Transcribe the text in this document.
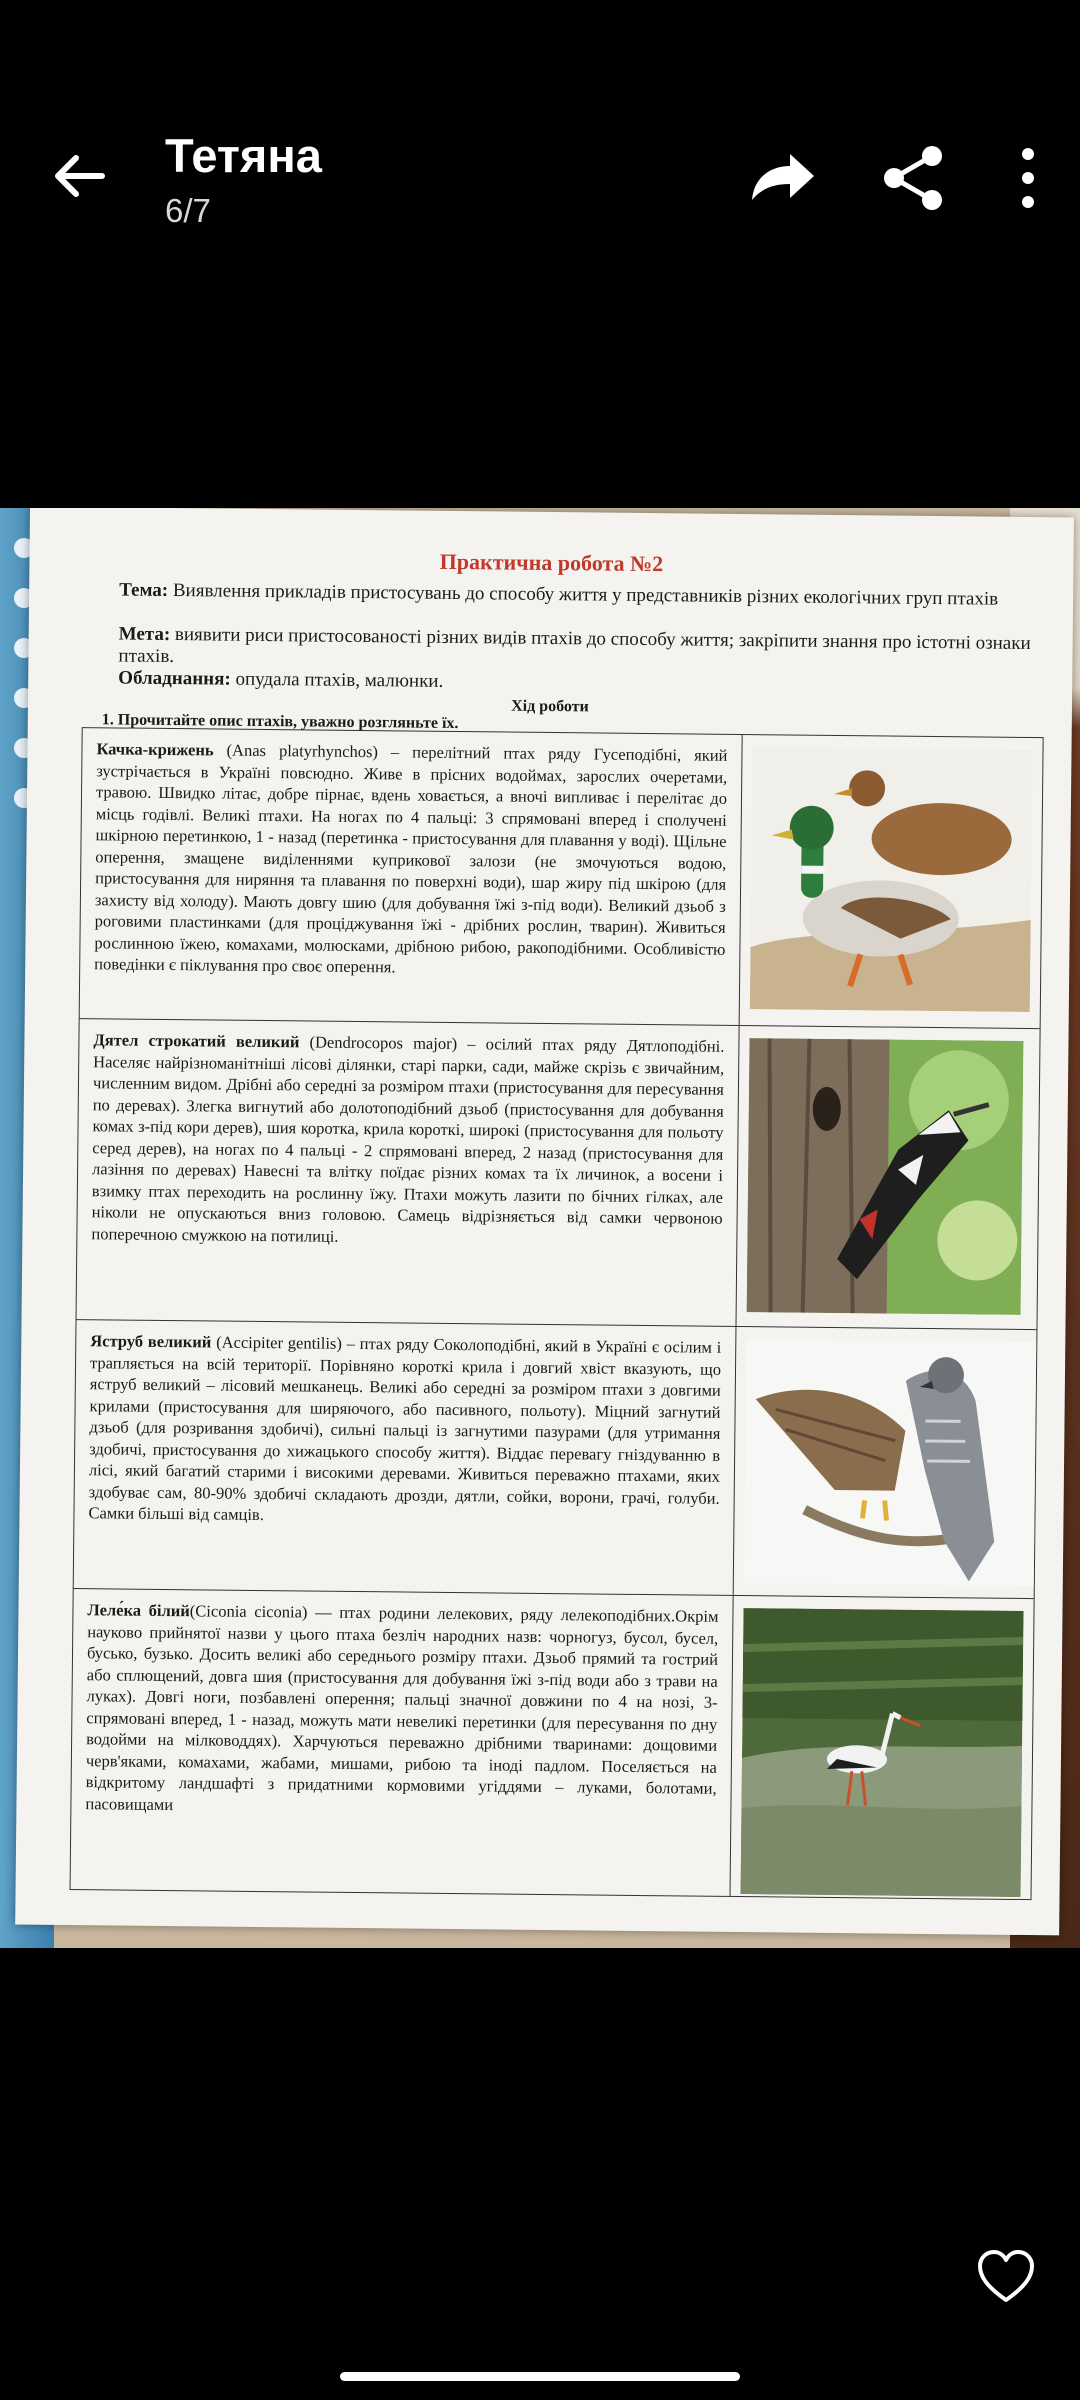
Тетяна
6/7
Практична робота №2
Тема: Виявлення прикладів пристосувань до способу життя у представників різних екологічних груп птахів
Мета: виявити риси пристосованості різних видів птахів до способу життя; закріпити знання про істотні ознаки птахів.
Обладнання: опудала птахів, малюнки.
Хід роботи
1. Прочитайте опис птахів, уважно розгляньте їх.
Качка-крижень (Anas platyrhynchos) – перелітний птах ряду Гусеподібні, який зустрічається в Україні повсюдно. Живе в прісних водоймах, зарослих очеретами, травою. Швидко літає, добре пірнає, вдень ховається, а вночі випливає і перелітає до місць годівлі. Великі птахи. На ногах по 4 пальці: 3 спрямовані вперед і сполучені шкірною перетинкою, 1 - назад (перетинка - пристосування для плавання у воді). Щільне оперення, змащене виділеннями куприкової залози (не змочуються водою, пристосування для ниряння та плавання по поверхні води), шар жиру під шкірою (для захисту від холоду). Мають довгу шию (для добування їжі з-під води). Великий дзьоб з роговими пластинками (для проціджування їжі - дрібних рослин, тварин). Живиться рослинною їжею, комахами, молюсками, дрібною рибою, ракоподібними. Особливістю поведінки є піклування про своє оперення.
Дятел строкатий великий (Dendrocopos major) – осілий птах ряду Дятлоподібні. Населяє найрізноманітніші лісові ділянки, старі парки, сади, майже скрізь є звичайним, численним видом. Дрібні або середні за розміром птахи (пристосування для пересування по деревах). Злегка вигнутий або долотоподібний дзьоб (пристосування для добування комах з-під кори дерев), шия коротка, крила короткі, широкі (пристосування для польоту серед дерев), на ногах по 4 пальці - 2 спрямовані вперед, 2 назад (пристосування для лазіння по деревах) Навесні та влітку поїдає різних комах та їх личинок, а восени і взимку птах переходить на рослинну їжу. Птахи можуть лазити по бічних гілках, але ніколи не опускаються вниз головою. Самець відрізняється від самки червоною поперечною смужкою на потилиці.
Яструб великий (Accipiter gentilis) – птах ряду Соколоподібні, який в Україні є осілим і трапляється на всій території. Порівняно короткі крила і довгий хвіст вказують, що яструб великий – лісовий мешканець. Великі або середні за розміром птахи з довгими крилами (пристосування для ширяючого, або пасивного, польоту). Міцний загнутий дзьоб (для розривання здобичі), сильні пальці із загнутими пазурами (для утримання здобичі, пристосування до хижацького способу життя). Віддає перевагу гніздуванню в лісі, який багатий старими і високими деревами. Живиться переважно птахами, яких здобуває сам, 80-90% здобичі складають дрозди, дятли, сойки, ворони, грачі, голуби. Самки більші від самців.
Леле́ка білий(Ciconia ciconia) — птах родини лелекових, ряду лелекоподібних.Окрім науково прийнятої назви у цього птаха безліч народних назв: чорногуз, бусол, бусел, бусько, бузько. Досить великі або середнього розміру птахи. Дзьоб прямий та гострий або сплющений, довга шия (пристосування для добування їжі з-під води або з трави на луках). Довгі ноги, позбавлені оперення; пальці значної довжини по 4 на нозі, 3-спрямовані вперед, 1 - назад, можуть мати невеликі перетинки (для пересування по дну водойми на мілководдях). Харчуються переважно дрібними тваринами: дощовими черв'яками, комахами, жабами, мишами, рибою та іноді падлом. Поселяється на відкритому ландшафті з придатними кормовими угіддями – луками, болотами, пасовищами
